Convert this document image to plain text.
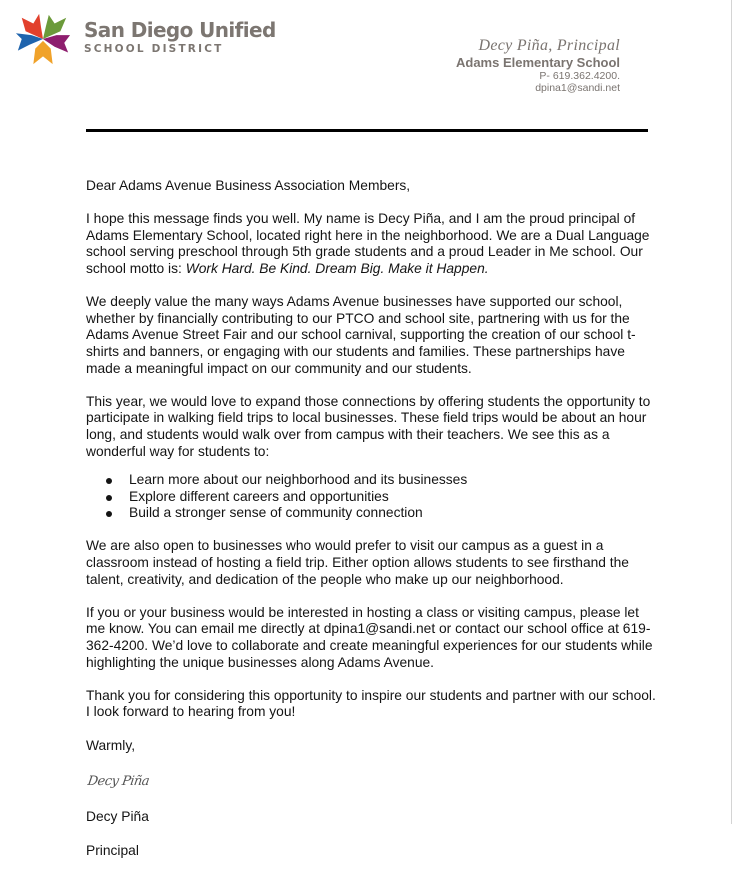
San Diego Unified
SCHOOL DISTRICT	Decy Piña, Principal
Adams Elementary School
P- 619.362.4200.
dpina1@sandi.net

Dear Adams Avenue Business Association Members,

I hope this message finds you well. My name is Decy Piña, and I am the proud principal of Adams Elementary School, located right here in the neighborhood. We are a Dual Language school serving preschool through 5th grade students and a proud Leader in Me school. Our school motto is: Work Hard. Be Kind. Dream Big. Make it Happen.

We deeply value the many ways Adams Avenue businesses have supported our school, whether by financially contributing to our PTCO and school site, partnering with us for the Adams Avenue Street Fair and our school carnival, supporting the creation of our school t-shirts and banners, or engaging with our students and families. These partnerships have made a meaningful impact on our community and our students.

This year, we would love to expand those connections by offering students the opportunity to participate in walking field trips to local businesses. These field trips would be about an hour long, and students would walk over from campus with their teachers. We see this as a wonderful way for students to:

Learn more about our neighborhood and its businesses
Explore different careers and opportunities
Build a stronger sense of community connection

We are also open to businesses who would prefer to visit our campus as a guest in a classroom instead of hosting a field trip. Either option allows students to see firsthand the talent, creativity, and dedication of the people who make up our neighborhood.

If you or your business would be interested in hosting a class or visiting campus, please let me know. You can email me directly at dpina1@sandi.net or contact our school office at 619-362-4200. We’d love to collaborate and create meaningful experiences for our students while highlighting the unique businesses along Adams Avenue.

Thank you for considering this opportunity to inspire our students and partner with our school. I look forward to hearing from you!

Warmly,

Decy Piña

Decy Piña

Principal
